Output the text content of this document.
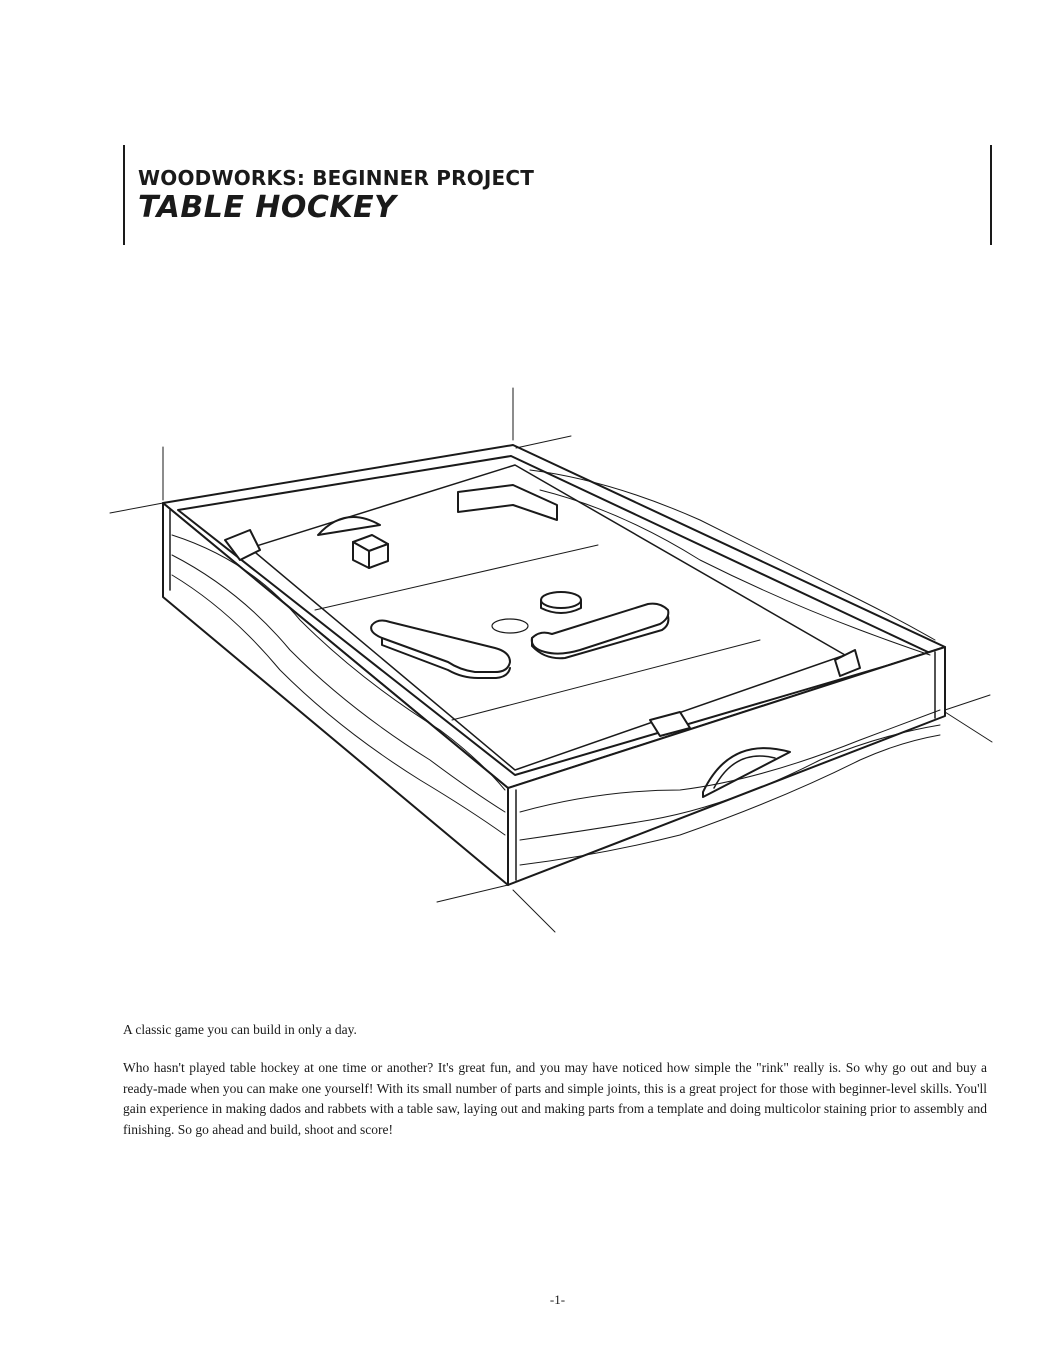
WOODWORKS: BEGINNER PROJECT
TABLE HOCKEY
A classic game you can build in only a day.
Who hasn't played table hockey at one time or another? It's great fun, and you may have noticed how simple the "rink" really is. So why go out and buy a ready-made when you can make one yourself! With its small number of parts and simple joints, this is a great project for those with beginner-level skills. You'll gain experience in making dados and rabbets with a table saw, laying out and making parts from a template and doing multicolor staining prior to assembly and finishing. So go ahead and build, shoot and score!
-1-
